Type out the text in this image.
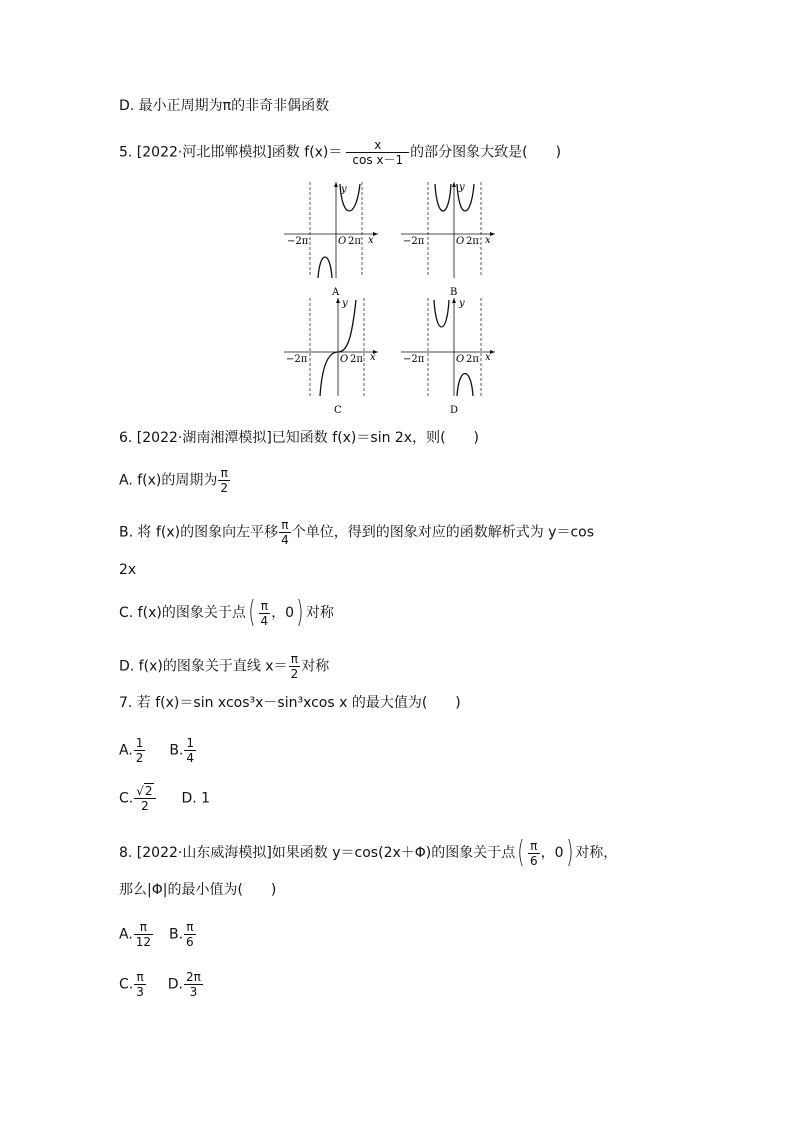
D. 最小正周期为π的非奇非偶函数
5. [2022·河北邯郸模拟]函数 $f(x)= \frac{x}{\text{cos x－1}}$ 的部分图象大致是(　　)
−2π	O 2π x
y
A
−2π	O 2π x
y
B
−2π	O 2π x
y
C
−2π	O 2π x
y
D
6. [2022·湖南湘潭模拟]已知函数 f(x)＝sin 2x，则(　　)
A. f(x)的周期为 $\frac{\pi}{2}$
B. 将 f(x)的图象向左平移 $\frac{\pi}{4}$ 个单位，得到的图象对应的函数解析式为 y＝cos
2x
C. f(x)的图象关于点( $\frac{\pi}{4}$ ，0) 对称
D. f(x)的图象关于直线 $x= \frac{\pi}{2}$ 对称
7. 若 f(x)＝sin xcos³x－sin³xcos x 的最大值为(　　)
A. $\frac{1}{2} B$. $\frac{1}{4}$
C. $\frac{√2}{2} D$. 1
8. [2022·山东威海模拟]如果函数 y＝cos(2x＋Φ)的图象关于点( $\frac{\pi}{6}$ ，0) 对称，
那么|Φ|的最小值为(　　)
A. $\frac{\pi}{12} B$. $\frac{\pi}{6}$
C. $\frac{\pi}{3} D$. $\frac{2\pi}{3}$
